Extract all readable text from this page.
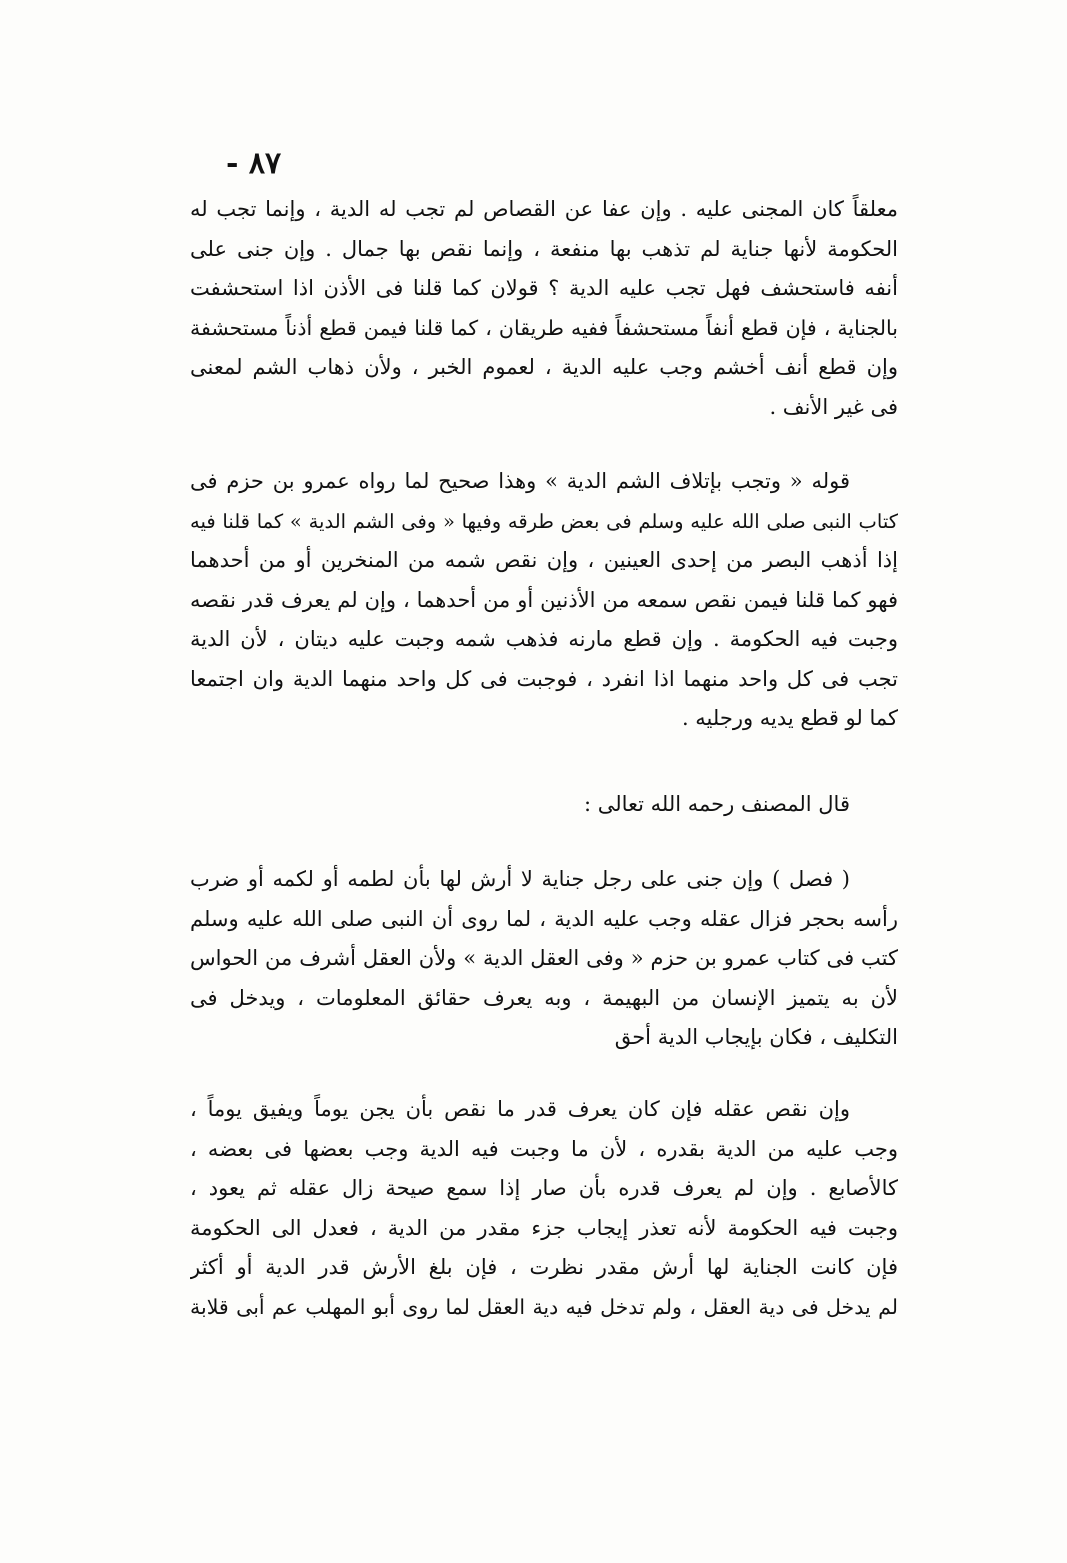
٨٧ -
معلقاً كان المجنى عليه . وإن عفا عن القصاص لم تجب له الدية ، وإنما تجب له
الحكومة لأنها جناية لم تذهب بها منفعة ، وإنما نقص بها جمال . وإن جنى على
أنفه فاستحشف فهل تجب عليه الدية ؟ قولان كما قلنا فى الأذن اذا استحشفت
بالجناية ، فإن قطع أنفاً مستحشفاً ففيه طريقان ، كما قلنا فيمن قطع أذناً مستحشفة
وإن قطع أنف أخشم وجب عليه الدية ، لعموم الخبر ، ولأن ذهاب الشم لمعنى
فى غير الأنف .
قوله « وتجب بإتلاف الشم الدية » وهذا صحيح لما رواه عمرو بن حزم فى
كتاب النبى صلى الله عليه وسلم فى بعض طرقه وفيها « وفى الشم الدية » كما قلنا فيه
إذا أذهب البصر من إحدى العينين ، وإن نقص شمه من المنخرين أو من أحدهما
فهو كما قلنا فيمن نقص سمعه من الأذنين أو من أحدهما ، وإن لم يعرف قدر نقصه
وجبت فيه الحكومة . وإن قطع مارنه فذهب شمه وجبت عليه ديتان ، لأن الدية
تجب فى كل واحد منهما اذا انفرد ، فوجبت فى كل واحد منهما الدية وان اجتمعا
كما لو قطع يديه ورجليه .
قال المصنف رحمه الله تعالى :
( فصل ) وإن جنى على رجل جناية لا أرش لها بأن لطمه أو لكمه أو ضرب
رأسه بحجر فزال عقله وجب عليه الدية ، لما روى أن النبى صلى الله عليه وسلم
كتب فى كتاب عمرو بن حزم « وفى العقل الدية » ولأن العقل أشرف من الحواس
لأن به يتميز الإنسان من البهيمة ، وبه يعرف حقائق المعلومات ، ويدخل فى
التكليف ، فكان بإيجاب الدية أحق
وإن نقص عقله فإن كان يعرف قدر ما نقص بأن يجن يوماً ويفيق يوماً ،
وجب عليه من الدية بقدره ، لأن ما وجبت فيه الدية وجب بعضها فى بعضه ،
كالأصابع . وإن لم يعرف قدره بأن صار إذا سمع صيحة زال عقله ثم يعود ،
وجبت فيه الحكومة لأنه تعذر إيجاب جزء مقدر من الدية ، فعدل الى الحكومة
فإن كانت الجناية لها أرش مقدر نظرت ، فإن بلغ الأرش قدر الدية أو أكثر
لم يدخل فى دية العقل ، ولم تدخل فيه دية العقل لما روى أبو المهلب عم أبى قلابة
